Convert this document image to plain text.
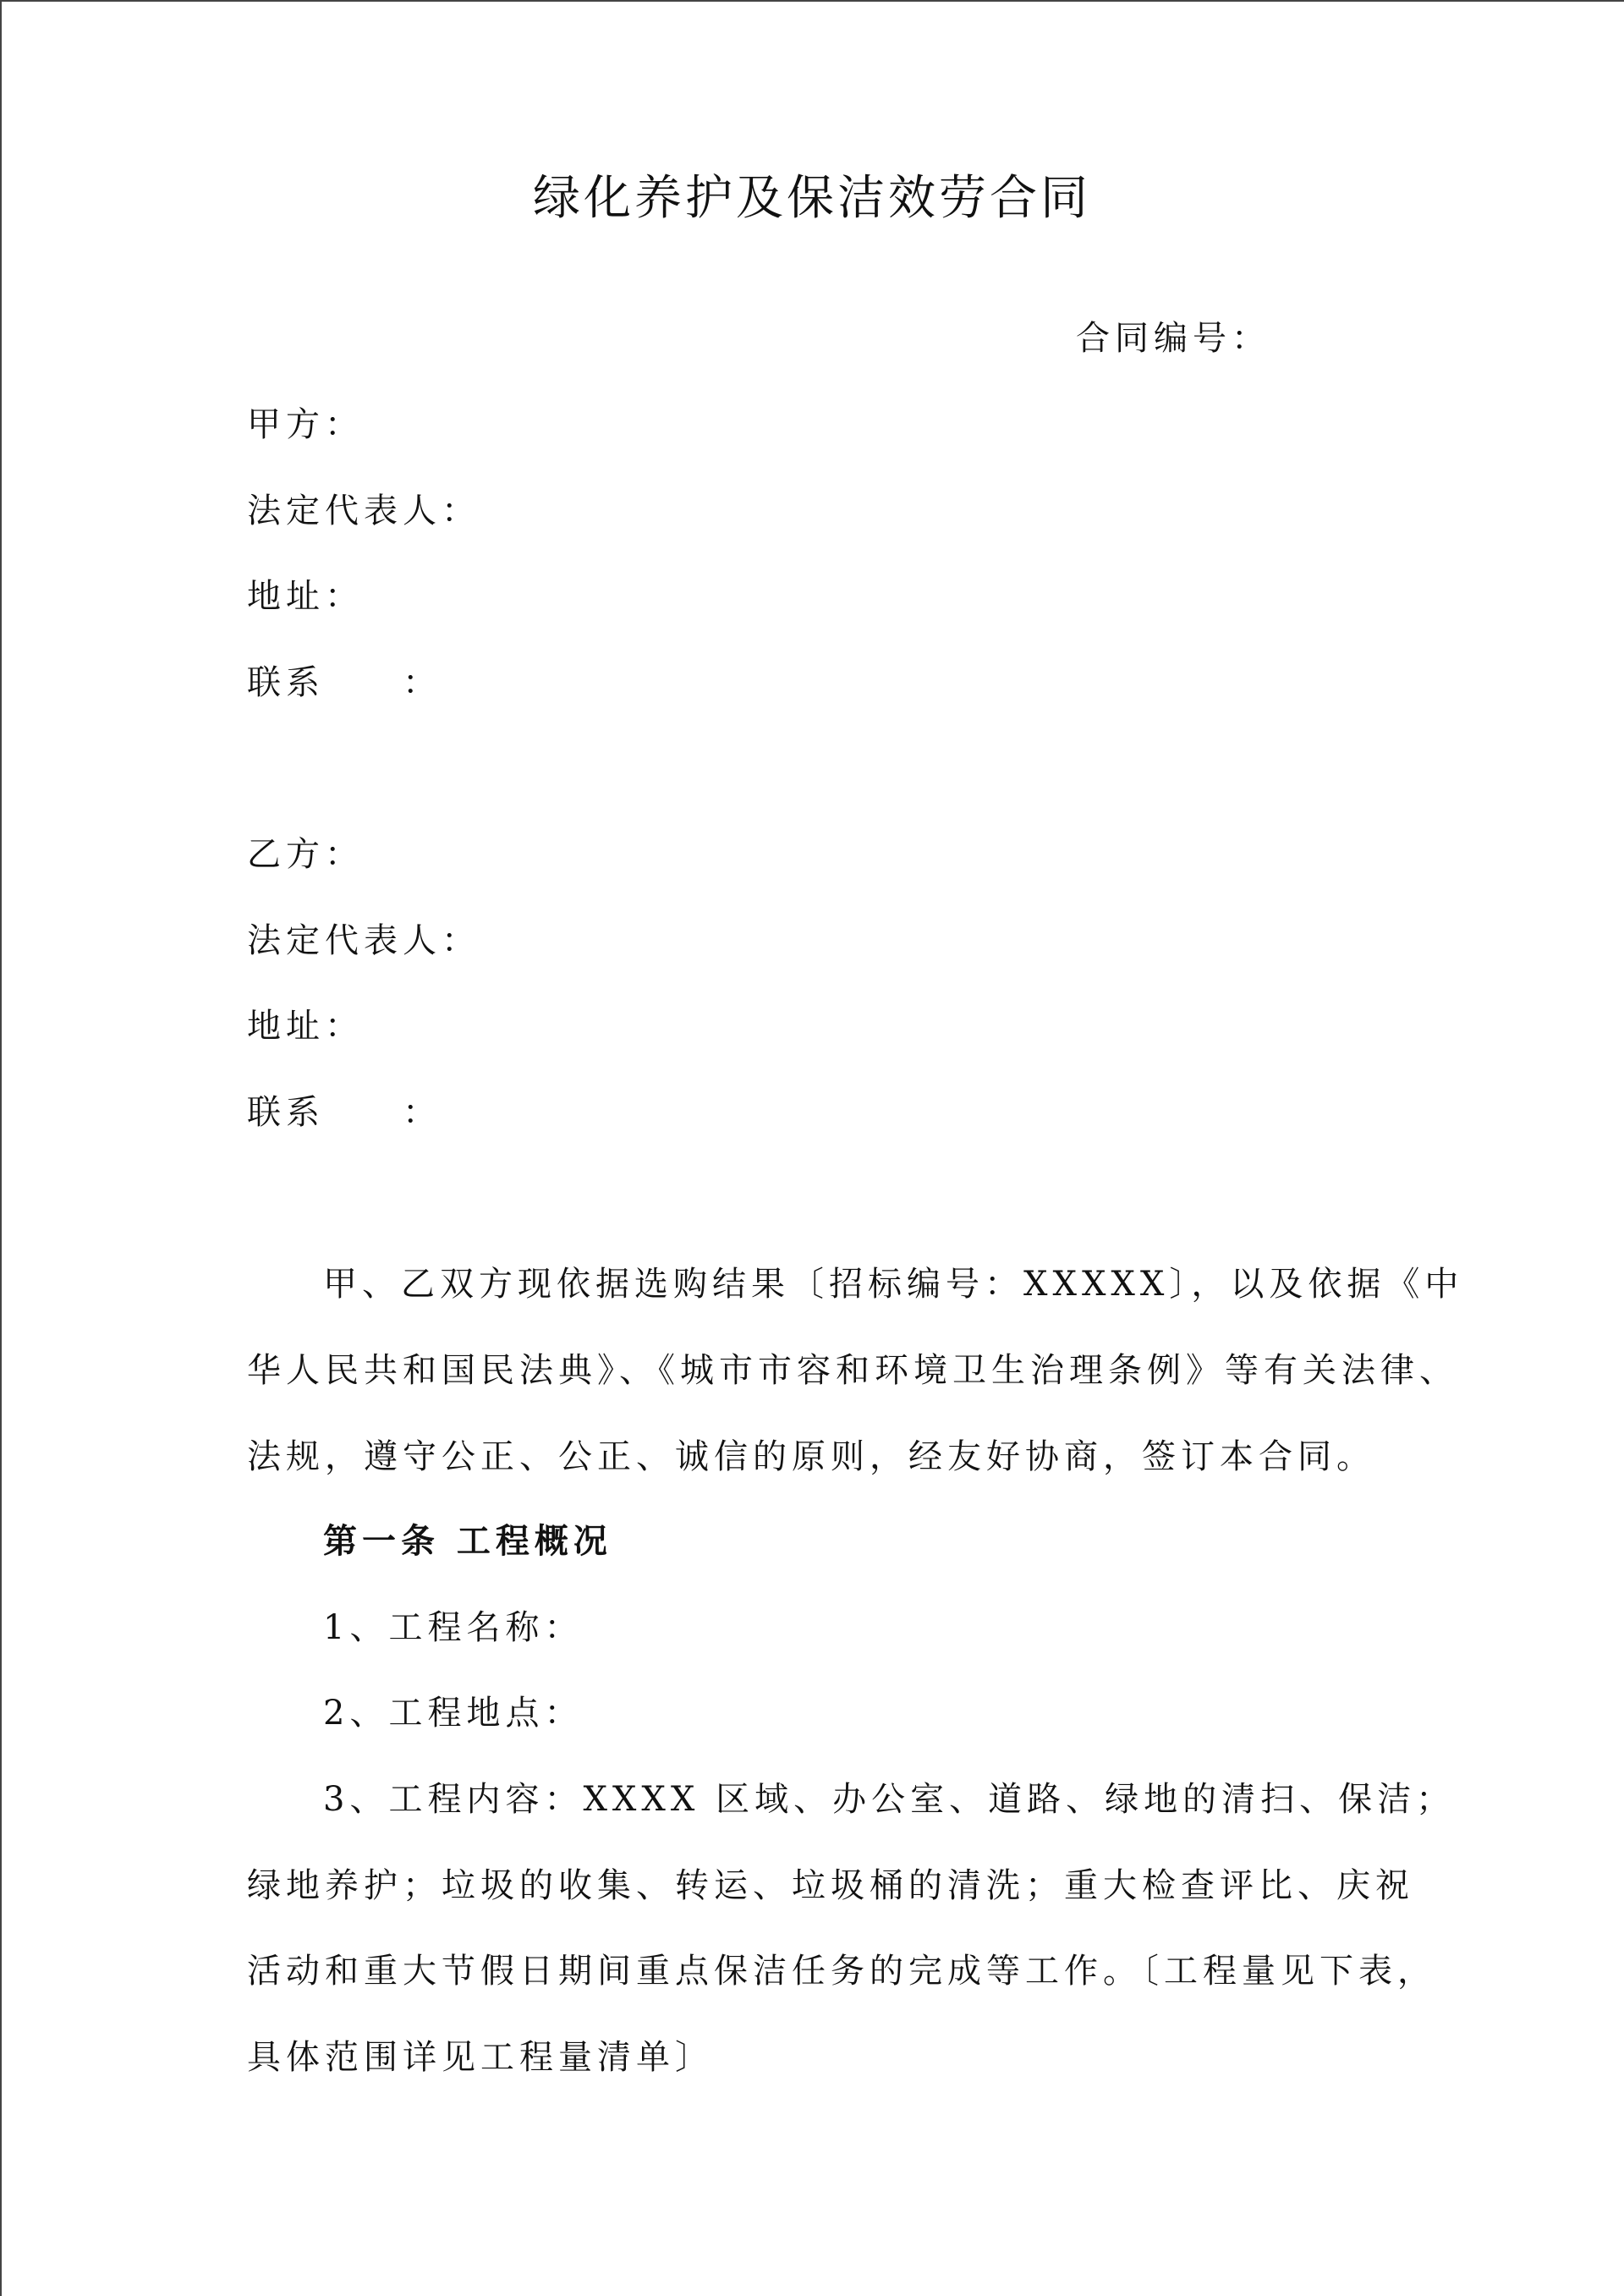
绿化养护及保洁效劳合同
合同编号：
甲方：
法定代表人：
地址：
联系　　：
乙方：
法定代表人：
地址：
联系　　：
甲、乙双方现依据选购结果〔招标编号：XXXXX〕，以及依据《中
华人民共和国民法典》、《城市市容和环境卫生治理条例》等有关法律、
法规，遵守公正、公正、诚信的原则，经友好协商，签订本合同。
第一条 工程概况
1、工程名称：
2、工程地点：
3、工程内容：XXXX 区域、办公室、道路、绿地的清扫、保洁；
绿地养护；垃圾的收集、转运、垃圾桶的清洗；重大检查评比、庆祝
活动和重大节假日期间重点保洁任务的完成等工作。〔工程量见下表，
具体范围详见工程量清单〕
